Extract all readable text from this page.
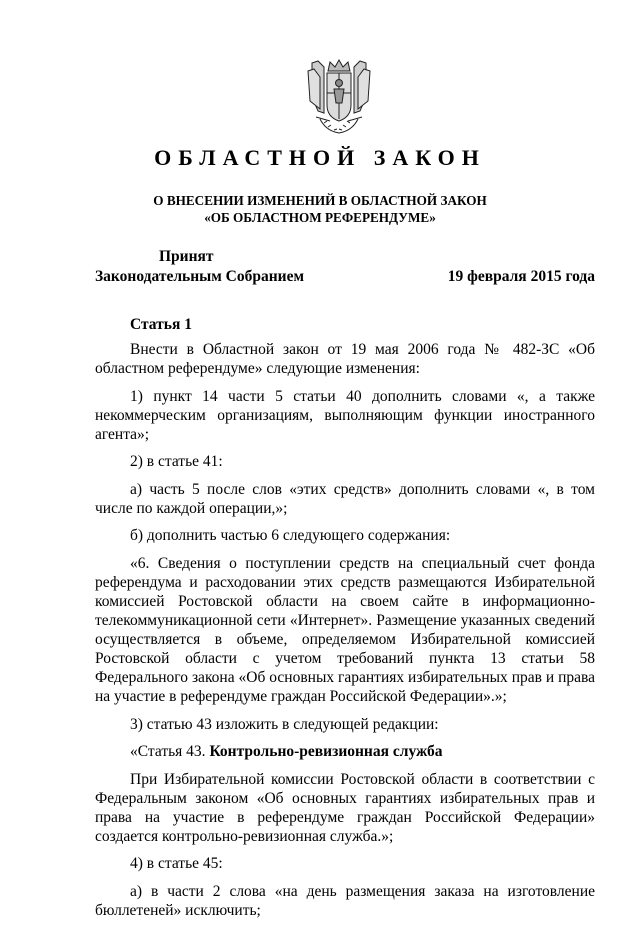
ОБЛАСТНОЙ ЗАКОН
О ВНЕСЕНИИ ИЗМЕНЕНИЙ В ОБЛАСТНОЙ ЗАКОН
«ОБ ОБЛАСТНОМ РЕФЕРЕНДУМЕ»
Принят
Законодательным Собранием	19 февраля 2015 года

Статья 1

Внести в Областной закон от 19 мая 2006 года № 482-ЗС «Об областном референдуме» следующие изменения:

1) пункт 14 части 5 статьи 40 дополнить словами «, а также некоммерческим организациям, выполняющим функции иностранного агента»;

2) в статье 41:

а) часть 5 после слов «этих средств» дополнить словами «, в том числе по каждой операции,»;

б) дополнить частью 6 следующего содержания:

«6. Сведения о поступлении средств на специальный счет фонда референдума и расходовании этих средств размещаются Избирательной комиссией Ростовской области на своем сайте в информационно-телекоммуникационной сети «Интернет». Размещение указанных сведений осуществляется в объеме, определяемом Избирательной комиссией Ростовской области с учетом требований пункта 13 статьи 58 Федерального закона «Об основных гарантиях избирательных прав и права на участие в референдуме граждан Российской Федерации».»;

3) статью 43 изложить в следующей редакции:

«Статья 43. Контрольно-ревизионная служба

При Избирательной комиссии Ростовской области в соответствии с Федеральным законом «Об основных гарантиях избирательных прав и права на участие в референдуме граждан Российской Федерации» создается контрольно-ревизионная служба.»;

4) в статье 45:

а) в части 2 слова «на день размещения заказа на изготовление бюллетеней» исключить;
